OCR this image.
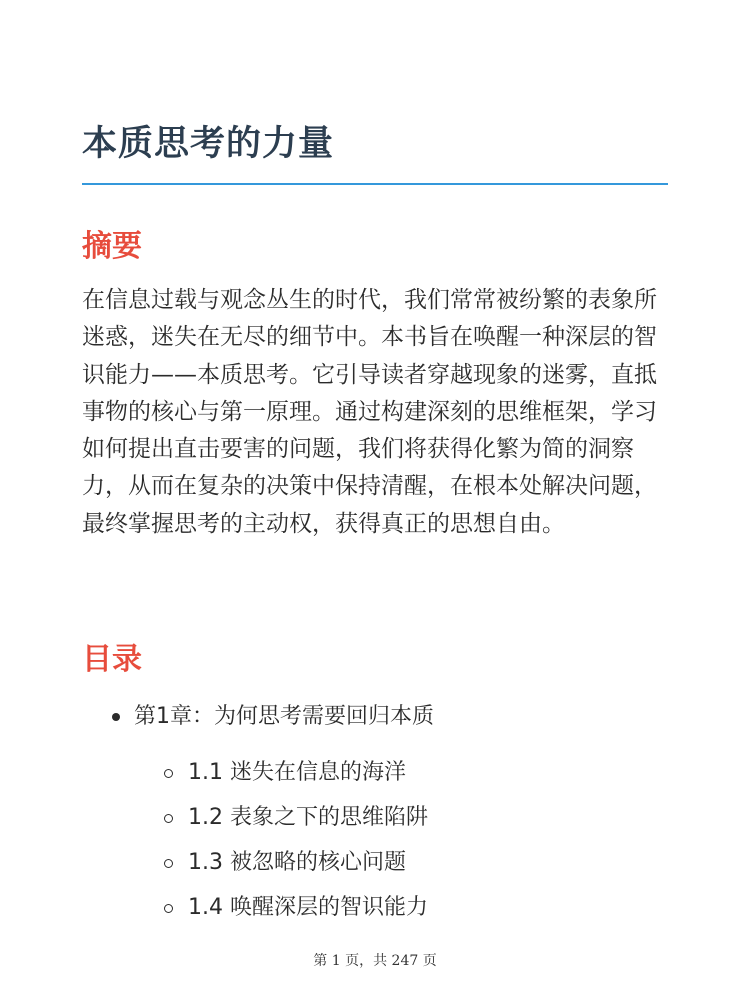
本质思考的力量
摘要

在信息过载与观念丛生的时代，我们常常被纷繁的表象所迷惑，迷失在无尽的细节中。本书旨在唤醒一种深层的智识能力——本质思考。它引导读者穿越现象的迷雾，直抵事物的核心与第一原理。通过构建深刻的思维框架，学习如何提出直击要害的问题，我们将获得化繁为简的洞察力，从而在复杂的决策中保持清醒，在根本处解决问题，最终掌握思考的主动权，获得真正的思想自由。

目录
第1章：为何思考需要回归本质
1.1 迷失在信息的海洋
1.2 表象之下的思维陷阱
1.3 被忽略的核心问题
1.4 唤醒深层的智识能力
第 1 页，共 247 页
